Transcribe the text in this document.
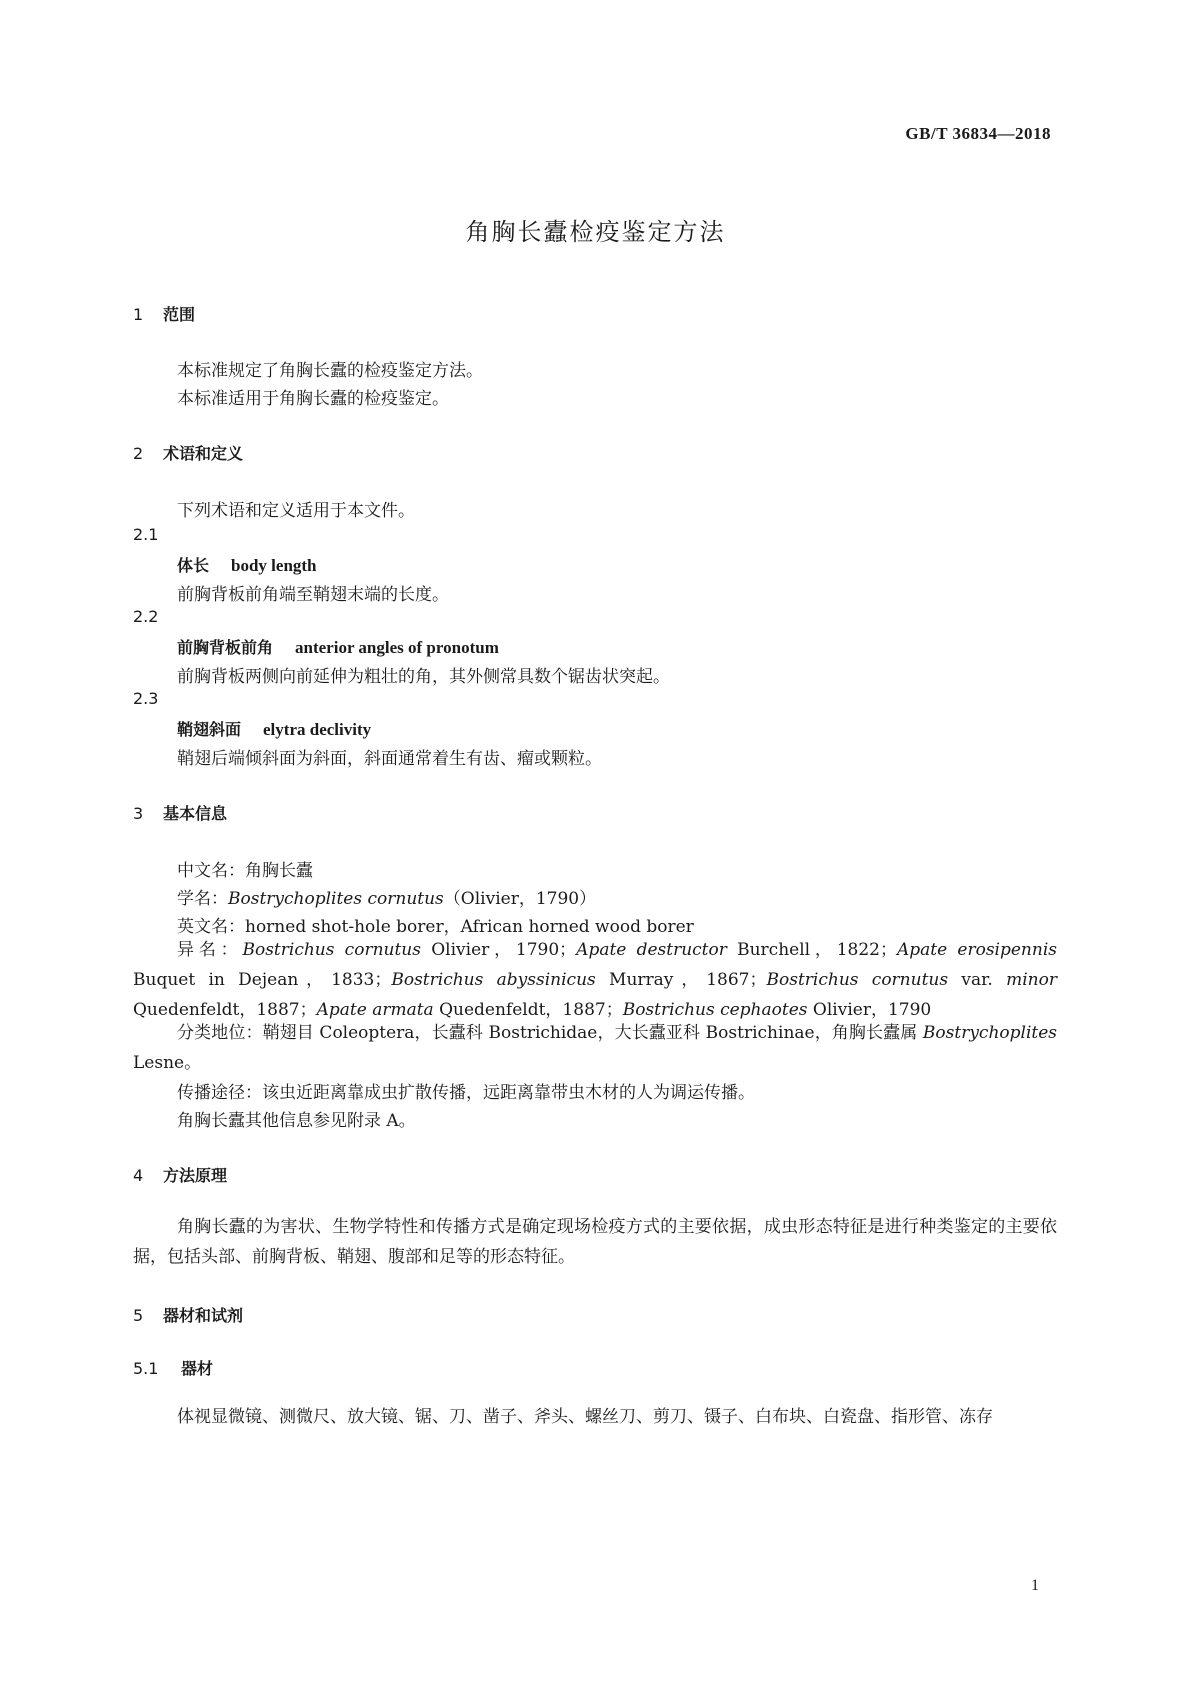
GB/T 36834—2018
角胸长蠹检疫鉴定方法
1 范围

本标准规定了角胸长蠹的检疫鉴定方法。

本标准适用于角胸长蠹的检疫鉴定。

2 术语和定义

下列术语和定义适用于本文件。

2.1
体长 body length

前胸背板前角端至鞘翅末端的长度。

2.2
前胸背板前角 anterior angles of pronotum

前胸背板两侧向前延伸为粗壮的角，其外侧常具数个锯齿状突起。

2.3
鞘翅斜面 elytra declivity

鞘翅后端倾斜面为斜面，斜面通常着生有齿、瘤或颗粒。

3 基本信息

中文名：角胸长蠹

学名：Bostrychoplites cornutus（Olivier，1790）

英文名：horned shot-hole borer，African horned wood borer

异名：Bostrichus cornutus Olivier，1790；Apate destructor Burchell，1822；Apate erosipennis Buquet in Dejean，1833；Bostrichus abyssinicus Murray，1867；Bostrichus cornutus var. minor Quedenfeldt，1887；Apate armata Quedenfeldt，1887；Bostrichus cephaotes Olivier，1790
分类地位：鞘翅目 Coleoptera，长蠹科 Bostrichidae，大长蠹亚科 Bostrichinae，角胸长蠹属 Bostrychoplites Lesne。

传播途径：该虫近距离靠成虫扩散传播，远距离靠带虫木材的人为调运传播。

角胸长蠹其他信息参见附录 A。

4 方法原理
角胸长蠹的为害状、生物学特性和传播方式是确定现场检疫方式的主要依据，成虫形态特征是进行种类鉴定的主要依据，包括头部、前胸背板、鞘翅、腹部和足等的形态特征。
5 器材和试剂
5.1 器材

体视显微镜、测微尺、放大镜、锯、刀、凿子、斧头、螺丝刀、剪刀、镊子、白布块、白瓷盘、指形管、冻存

1
